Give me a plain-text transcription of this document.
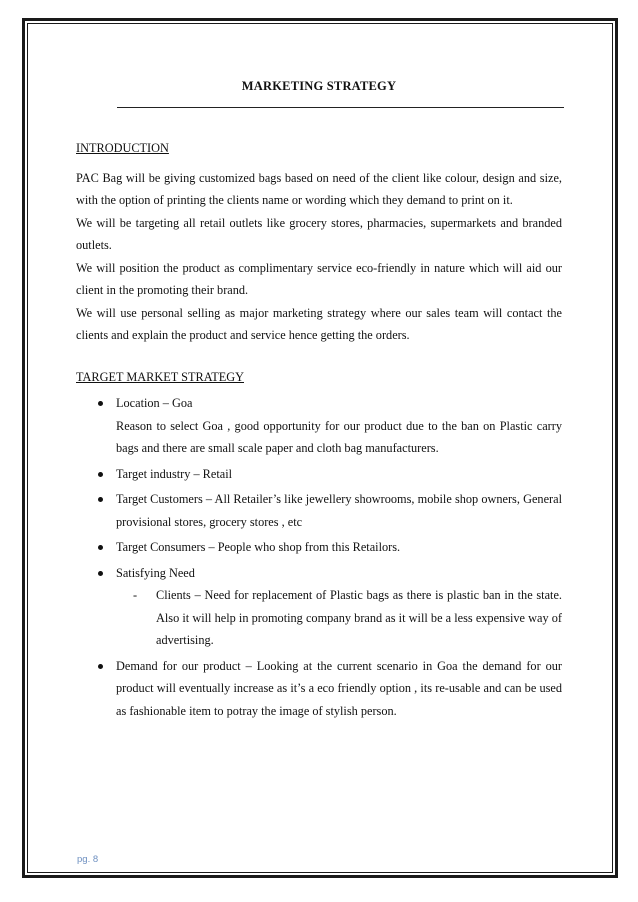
MARKETING STRATEGY

INTRODUCTION

PAC Bag will be giving customized bags based on need of the client like colour, design and size, with the option of printing the clients name or wording which they demand to print on it.

We will be targeting all retail outlets like grocery stores, pharmacies, supermarkets and branded outlets.

We will position the product as complimentary service eco-friendly in nature which will aid our client in the promoting their brand.

We will use personal selling as major marketing strategy where our sales team will contact the clients and explain the product and service hence getting the orders.

TARGET MARKET STRATEGY

Location – Goa
Reason to select Goa , good opportunity for our product due to the ban on Plastic carry bags and there are small scale paper and cloth bag manufacturers.
Target industry – Retail
Target Customers – All Retailer’s like jewellery showrooms, mobile shop owners, General provisional stores, grocery stores , etc
Target Consumers – People who shop from this Retailors.
Satisfying Need
- Clients – Need for replacement of Plastic bags as there is plastic ban in the state. Also it will help in promoting company brand as it will be a less expensive way of advertising.
Demand for our product – Looking at the current scenario in Goa the demand for our product will eventually increase as it’s a eco friendly option , its re-usable and can be used as fashionable item to potray the image of stylish person.
pg. 8
